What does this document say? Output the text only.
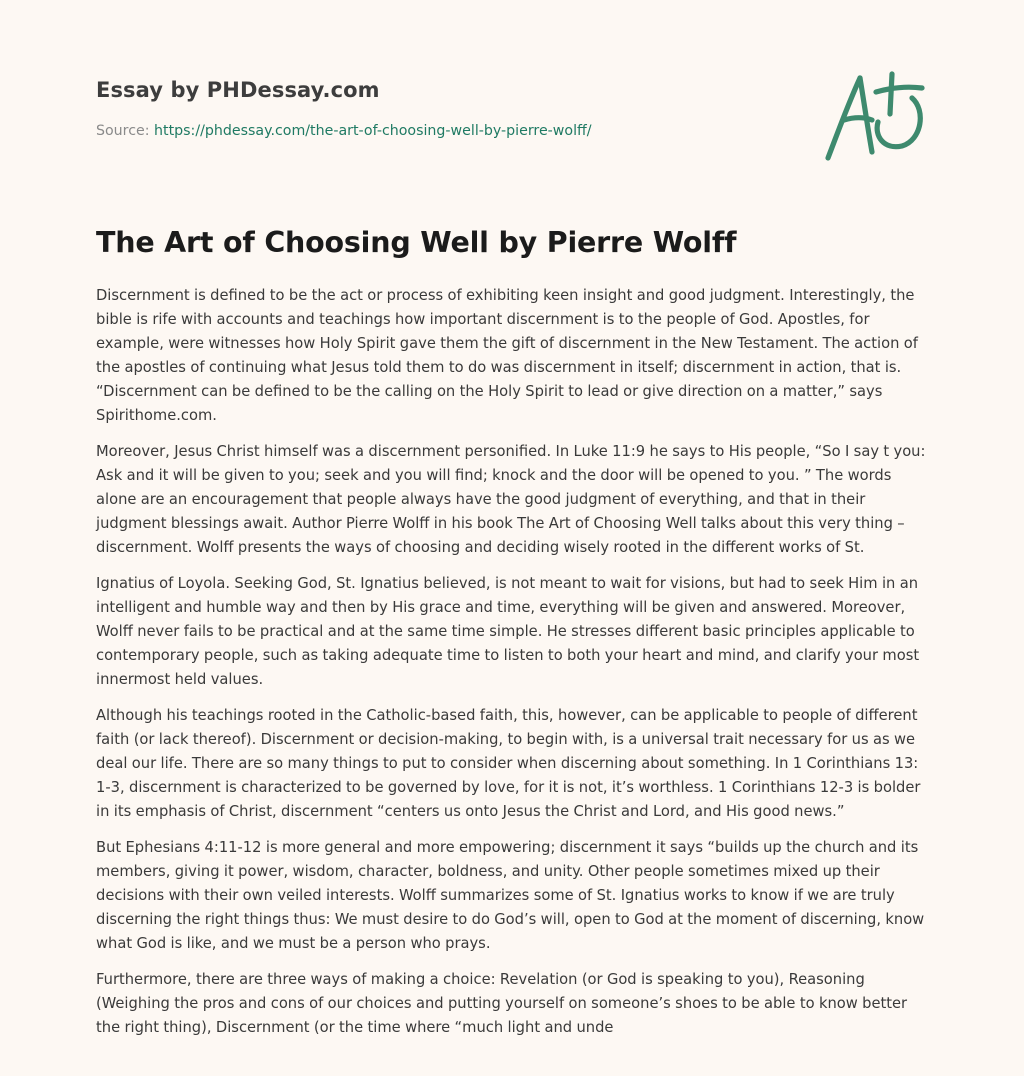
Essay by PHDessay.com
Source: https://phdessay.com/the-art-of-choosing-well-by-pierre-wolff/
The Art of Choosing Well by Pierre Wolff

Discernment is defined to be the act or process of exhibiting keen insight and good judgment. Interestingly, the bible is rife with accounts and teachings how important discernment is to the people of God. Apostles, for example, were witnesses how Holy Spirit gave them the gift of discernment in the New Testament. The action of the apostles of continuing what Jesus told them to do was discernment in itself; discernment in action, that is. “Discernment can be defined to be the calling on the Holy Spirit to lead or give direction on a matter,” says Spirithome.com.

Moreover, Jesus Christ himself was a discernment personified. In Luke 11:9 he says to His people, “So I say t you: Ask and it will be given to you; seek and you will find; knock and the door will be opened to you. ” The words alone are an encouragement that people always have the good judgment of everything, and that in their judgment blessings await. Author Pierre Wolff in his book The Art of Choosing Well talks about this very thing – discernment. Wolff presents the ways of choosing and deciding wisely rooted in the different works of St.

Ignatius of Loyola. Seeking God, St. Ignatius believed, is not meant to wait for visions, but had to seek Him in an intelligent and humble way and then by His grace and time, everything will be given and answered. Moreover, Wolff never fails to be practical and at the same time simple. He stresses different basic principles applicable to contemporary people, such as taking adequate time to listen to both your heart and mind, and clarify your most innermost held values.

Although his teachings rooted in the Catholic-based faith, this, however, can be applicable to people of different faith (or lack thereof). Discernment or decision-making, to begin with, is a universal trait necessary for us as we deal our life. There are so many things to put to consider when discerning about something. In 1 Corinthians 13: 1-3, discernment is characterized to be governed by love, for it is not, it’s worthless. 1 Corinthians 12-3 is bolder in its emphasis of Christ, discernment “centers us onto Jesus the Christ and Lord, and His good news.”

But Ephesians 4:11-12 is more general and more empowering; discernment it says “builds up the church and its members, giving it power, wisdom, character, boldness, and unity. Other people sometimes mixed up their decisions with their own veiled interests. Wolff summarizes some of St. Ignatius works to know if we are truly discerning the right things thus: We must desire to do God’s will, open to God at the moment of discerning, know what God is like, and we must be a person who prays.

Furthermore, there are three ways of making a choice: Revelation (or God is speaking to you), Reasoning (Weighing the pros and cons of our choices and putting yourself on someone’s shoes to be able to know better the right thing), Discernment (or the time where “much light and unde
